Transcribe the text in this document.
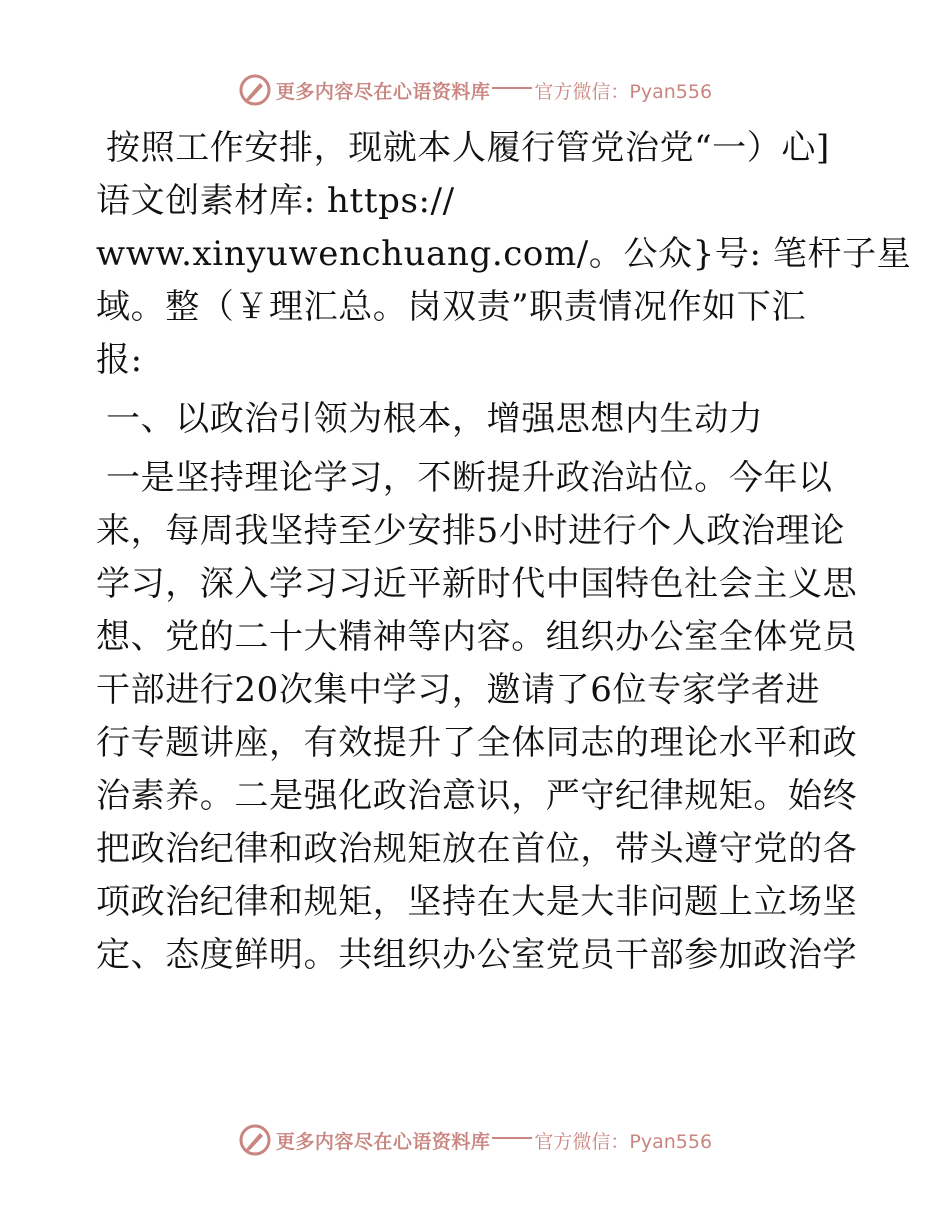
更多内容尽在心语资料库 官方微信：Pyan556
按照工作安排，现就本人履行管党治党“一）心]
语文创素材库: https://
www.xinyuwenchuang.com/。公众}号: 笔杆子星
域。整（￥理汇总。岗双责”职责情况作如下汇
报:
一、以政治引领为根本，增强思想内生动力
一是坚持理论学习，不断提升政治站位。今年以
来，每周我坚持至少安排5小时进行个人政治理论
学习，深入学习习近平新时代中国特色社会主义思
想、党的二十大精神等内容。组织办公室全体党员
干部进行20次集中学习，邀请了6位专家学者进
行专题讲座，有效提升了全体同志的理论水平和政
治素养。二是强化政治意识，严守纪律规矩。始终
把政治纪律和政治规矩放在首位，带头遵守党的各
项政治纪律和规矩，坚持在大是大非问题上立场坚
定、态度鲜明。共组织办公室党员干部参加政治学
更多内容尽在心语资料库 官方微信：Pyan556
